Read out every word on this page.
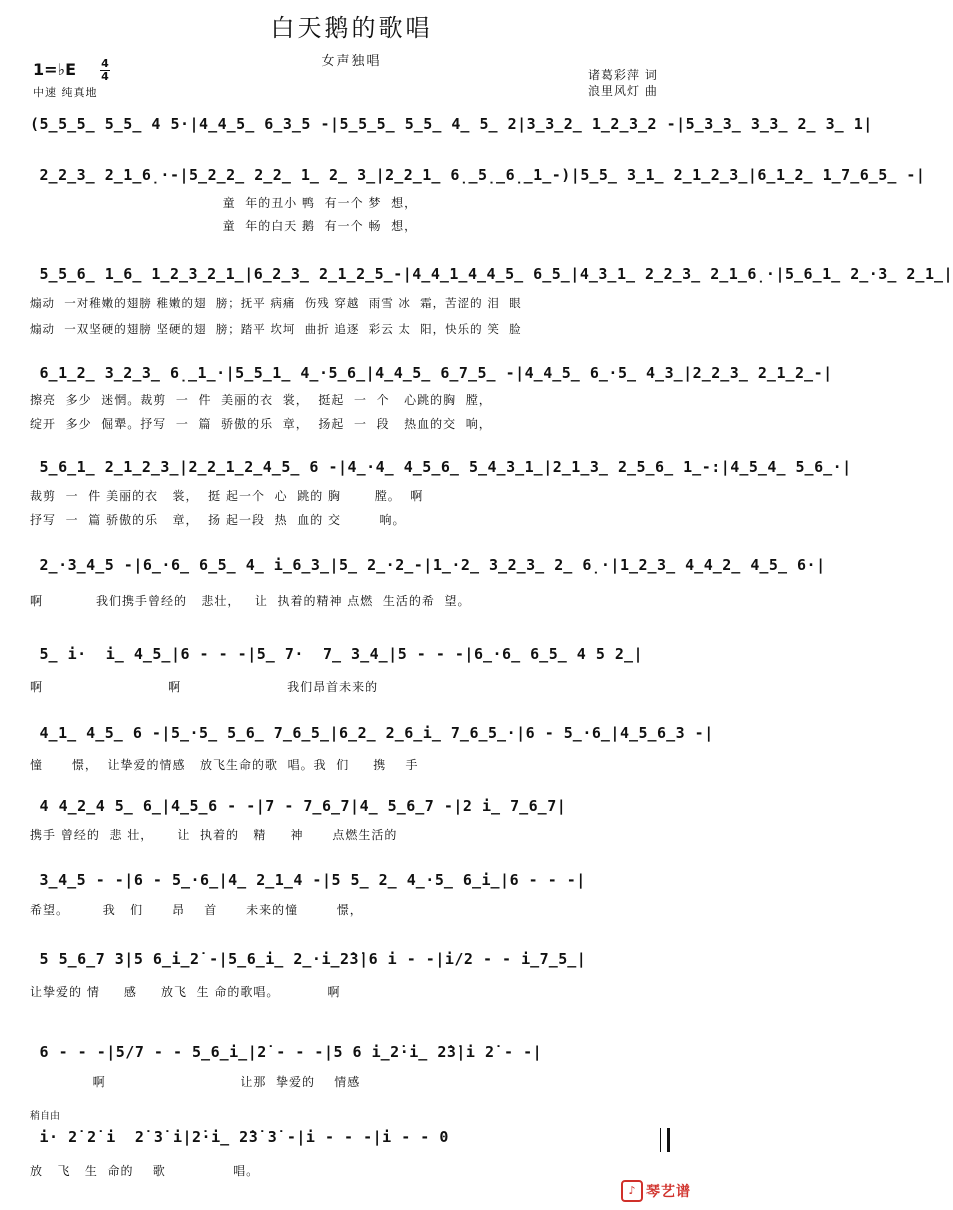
白天鹅的歌唱
女声独唱
1=♭E 4
4
中速 纯真地
诸葛彩萍 词
浪里风灯 曲
(5̲5̲5̲ 5̲5̲ 4 5·|4̲4̲5̲ 6̲3̲5 -|5̲5̲5̲ 5̲5̲ 4̲ 5̲ 2|3̲3̲2̲ 1̲2̲3̲2 -|5̲3̲3̲ 3̲3̲ 2̲ 3̲ 1|
2̲2̲3̲ 2̲1̲6̣·-|5̲2̲2̲ 2̲2̲ 1̲ 2̲ 3̲|2̲2̲1̲ 6̣̲5̣̲6̣̲1̲-)|5̲5̲ 3̲1̲ 2̲1̲2̲3̲|6̲1̲2̲ 1̲7̲6̲5̲ -|
童  年的丑小 鸭  有一个 梦  想，
童  年的白天 鹅  有一个 畅  想，
5̲5̲6̲ 1̲6̲ 1̲2̲3̲2̲1̲|6̲2̲3̲ 2̲1̲2̲5̲-|4̲4̲1̲4̲4̲5̲ 6̲5̲|4̲3̲1̲ 2̲2̲3̲ 2̲1̲6̣·|5̲6̲1̲ 2̲·3̲ 2̲1̲|
煽动  一对稚嫩的翅膀 稚嫩的翅  膀；抚平 病痛  伤残 穿越  雨雪 冰  霜，苦涩的 泪  眼
煽动  一双坚硬的翅膀 坚硬的翅  膀；踏平 坎坷  曲折 追逐  彩云 太  阳，快乐的 笑  脸
6̲1̲2̲ 3̲2̲3̲ 6̣̲1̲·|5̲5̲1̲ 4̲·5̲6̲|4̲4̲5̲ 6̲7̲5̲ -|4̲4̲5̲ 6̲·5̲ 4̲3̲|2̲2̲3̲ 2̲1̲2̲-|
擦亮  多少  迷惘。裁剪  一  件  美丽的衣  裳，  挺起  一  个   心跳的胸  膛，
绽开  多少  倔犟。抒写  一  篇  骄傲的乐  章，  扬起  一  段   热血的交  响，
5̲6̲1̲ 2̲1̲2̲3̲|2̲2̲1̲2̲4̲5̲ 6 -|4̲·4̲ 4̲5̲6̲ 5̲4̲3̲1̲|2̲1̲3̲ 2̲5̲6̲ 1̲-:|4̲5̲4̲ 5̲6̲·|
裁剪  一  件 美丽的衣   裳，  挺 起一个  心  跳的 胸       膛。  啊
抒写  一  篇 骄傲的乐   章，  扬 起一段  热  血的 交        响。
2̲·3̲4̲5 -|6̲·6̲ 6̲5̲ 4̲ i̲6̲3̲|5̲ 2̲·2̲-|1̲·2̲ 3̲2̲3̲ 2̲ 6̣·|1̲2̲3̲ 4̲4̲2̲ 4̲5̲ 6·|
啊           我们携手曾经的   悲壮，   让  执着的精神 点燃  生活的希  望。
5̲ i·  i̲ 4̲5̲|6 - - -|5̲ 7·  7̲ 3̲4̲|5 - - -|6̲·6̲ 6̲5̲ 4 5 2̲|
啊                          啊                      我们昂首未来的
4̲1̲ 4̲5̲ 6 -|5̲·5̲ 5̲6̲ 7̲6̲5̲|6̲2̲ 2̲6̲i̲ 7̲6̲5̲·|6 - 5̲·6̲|4̲5̲6̲3 -|
憧      憬，  让挚爱的情感   放飞生命的歌  唱。我  们     携    手
4 4̲2̲4 5̲ 6̲|4̲5̲6 - -|7 - 7̲6̲7|4̲ 5̲6̲7 -|2 i̲ 7̲6̲7|
携手 曾经的  悲 壮，     让  执着的   精     神      点燃生活的
3̲4̲5 - -|6 - 5̲·6̲|4̲ 2̲1̲4 -|5 5̲ 2̲ 4̲·5̲ 6̲i̲|6 - - -|
希望。       我   们      昂    首      未来的憧        憬，
5 5̲6̲7 3|5 6̲i̲2̇ -|5̲6̲i̲ 2̲·i̲2̇3̇|6 i - -|i/2 - - i̲7̲5̲|
让挚爱的 情     感     放飞  生 命的歌唱。          啊
6 - - -|5/7 - - 5̲6̲i̲|2̇ - - -|5 6 i̲2̇·i̲ 2̇3̇|i 2̇ - -|
啊                            让那  挚爱的    情感
稍自由
i· 2̇ 2̇ i  2̇ 3̇ i|2̇·i̲ 2̇3̇ 3̇ -|i - - -|i - - 0
放   飞   生  命的    歌              唱。
♪ 琴艺谱
